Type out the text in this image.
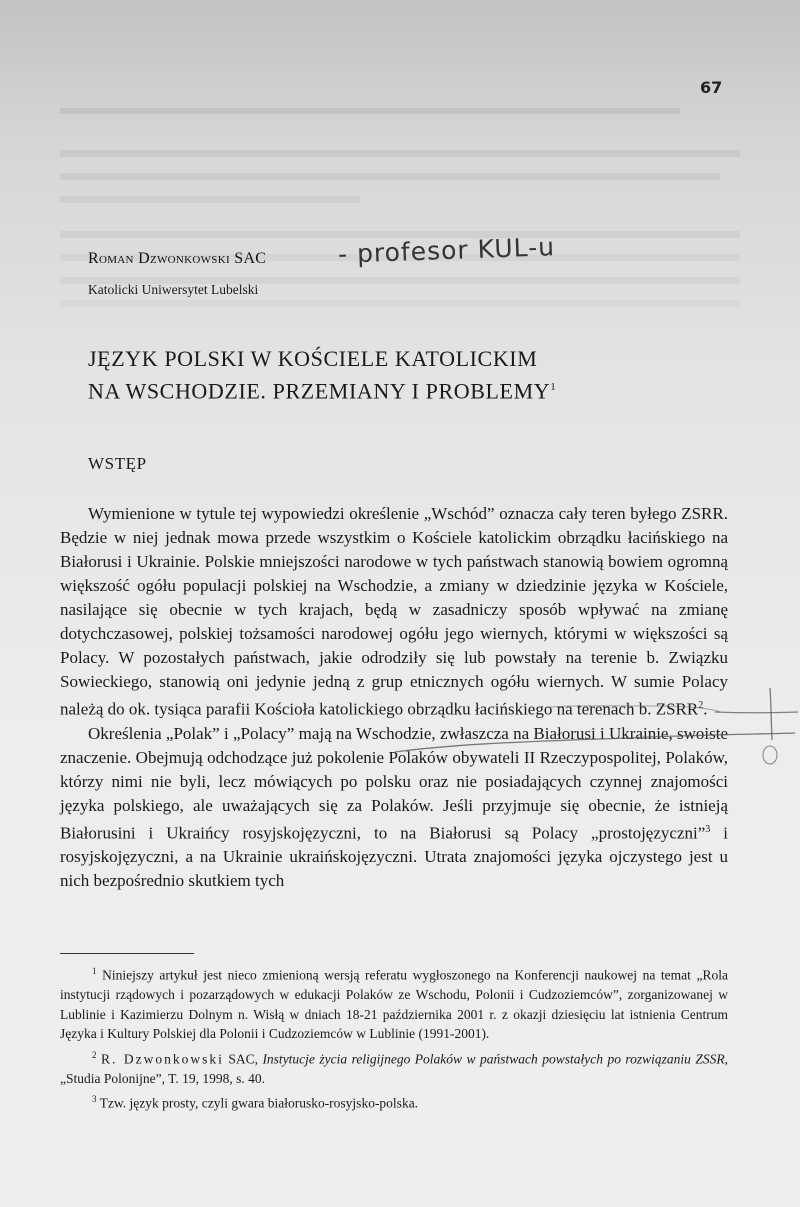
67
Roman Dzwonkowski SAC	- profesor KUL-u
Katolicki Uniwersytet Lubelski
JĘZYK POLSKI W KOŚCIELE KATOLICKIM
NA WSCHODZIE. PRZEMIANY I PROBLEMY$^1$
WSTĘP

Wymienione w tytule tej wypowiedzi określenie „Wschód” oznacza cały teren byłego ZSRR. Będzie w niej jednak mowa przede wszystkim o Kościele katolickim obrządku łacińskiego na Białorusi i Ukrainie. Polskie mniejszości narodowe w tych państwach stanowią bowiem ogromną większość ogółu populacji polskiej na Wschodzie, a zmiany w dziedzinie języka w Kościele, nasilające się obecnie w tych krajach, będą w zasadniczy sposób wpływać na zmianę dotychczasowej, polskiej tożsamości narodowej ogółu jego wiernych, którymi w większości są Polacy. W pozostałych państwach, jakie odrodziły się lub powstały na terenie b. Związku Sowieckiego, stanowią oni jedynie jedną z grup etnicznych ogółu wiernych. W sumie Polacy należą do ok. tysiąca parafii Kościoła katolickiego obrządku łacińskiego na terenach b. ZSRR$^2$.

Określenia „Polak” i „Polacy” mają na Wschodzie, zwłaszcza na Białorusi i Ukrainie, swoiste znaczenie. Obejmują odchodzące już pokolenie Polaków obywateli II Rzeczypospolitej, Polaków, którzy nimi nie byli, lecz mówiących po polsku oraz nie posiadających czynnej znajomości języka polskiego, ale uważających się za Polaków. Jeśli przyjmuje się obecnie, że istnieją Białorusini i Ukraińcy rosyjskojęzyczni, to na Białorusi są Polacy „prostojęzyczni”$^3$ i rosyjskojęzyczni, a na Ukrainie ukraińskojęzyczni. Utrata znajomości języka ojczystego jest u nich bezpośrednio skutkiem tych

$^1$ Niniejszy artykuł jest nieco zmienioną wersją referatu wygłoszonego na Konferencji naukowej na temat „Rola instytucji rządowych i pozarządowych w edukacji Polaków ze Wschodu, Polonii i Cudzoziemców”, zorganizowanej w Lublinie i Kazimierzu Dolnym n. Wisłą w dniach 18-21 października 2001 r. z okazji dziesięciu lat istnienia Centrum Języka i Kultury Polskiej dla Polonii i Cudzoziemców w Lublinie (1991-2001).

$^2$ R. Dzwonkowski SAC, Instytucje życia religijnego Polaków w państwach powstałych po rozwiązaniu ZSSR, „Studia Polonijne”, T. 19, 1998, s. 40.

$^3$ Tzw. język prosty, czyli gwara białorusko-rosyjsko-polska.
